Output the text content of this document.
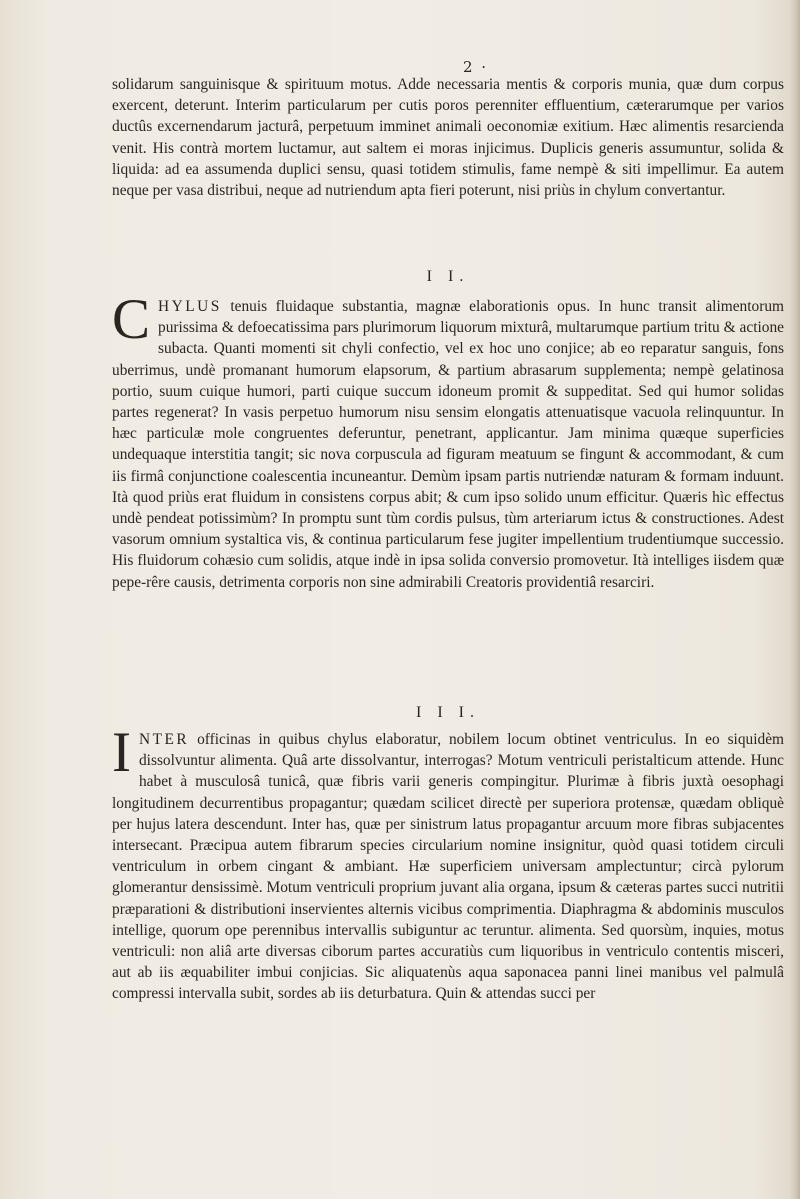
2 ·
solidarum sanguinisque & spirituum motus. Adde necessaria mentis & corporis munia, quæ dum corpus exercent, deterunt. Interim particularum per cutis poros perenniter effluentium, cæterarumque per varios ductûs excernendarum jacturâ, perpetuum imminet animali oeconomiæ exitium. Hæc alimentis resarcienda venit. His contrà mortem luctamur, aut saltem ei moras injicimus. Duplicis generis assumuntur, solida & liquida: ad ea assumenda duplici sensu, quasi totidem stimulis, fame nempè & siti impellimur. Ea autem neque per vasa distribui, neque ad nutriendum apta fieri poterunt, nisi priùs in chylum convertantur.
I I.
CHYLUS tenuis fluidaque substantia, magnæ elaborationis opus. In hunc transit alimentorum purissima & defoecatissima pars plurimorum liquorum mixturâ, multarumque partium tritu & actione subacta. Quanti momenti sit chyli confectio, vel ex hoc uno conjice; ab eo reparatur sanguis, fons uberrimus, undè promanant humorum elapsorum, & partium abrasarum supplementa; nempè gelatinosa portio, suum cuique humori, parti cuique succum idoneum promit & suppeditat. Sed qui humor solidas partes regenerat? In vasis perpetuo humorum nisu sensim elongatis attenuatisque vacuola relinquuntur. In hæc particulæ mole congruentes deferuntur, penetrant, applicantur. Jam minima quæque superficies undequaque interstitia tangit; sic nova corpuscula ad figuram meatuum se fingunt & accommodant, & cum iis firmâ conjunctione coalescentia incuneantur. Demùm ipsam partis nutriendæ naturam & formam induunt. Ità quod priùs erat fluidum in consistens corpus abit; & cum ipso solido unum efficitur. Quæris hìc effectus undè pendeat potissimùm? In promptu sunt tùm cordis pulsus, tùm arteriarum ictus & constructiones. Adest vasorum omnium systaltica vis, & continua particularum fese jugiter impellentium trudentiumque successio. His fluidorum cohæsio cum solidis, atque indè in ipsa solida conversio promovetur. Ità intelliges iisdem quæ pepe-rêre causis, detrimenta corporis non sine admirabili Creatoris providentiâ resarciri.
I I I.
INTER officinas in quibus chylus elaboratur, nobilem locum obtinet ventriculus. In eo siquidèm dissolvuntur alimenta. Quâ arte dissolvantur, interrogas? Motum ventriculi peristalticum attende. Hunc habet à musculosâ tunicâ, quæ fibris varii generis compingitur. Plurimæ à fibris juxtà oesophagi longitudinem decurrentibus propagantur; quædam scilicet directè per superiora protensæ, quædam obliquè per hujus latera descendunt. Inter has, quæ per sinistrum latus propagantur arcuum more fibras subjacentes intersecant. Præcipua autem fibrarum species circularium nomine insignitur, quòd quasi totidem circuli ventriculum in orbem cingant & ambiant. Hæ superficiem universam amplectuntur; circà pylorum glomerantur densissimè. Motum ventriculi proprium juvant alia organa, ipsum & cæteras partes succi nutritii præparationi & distributioni inservientes alternis vicibus comprimentia. Diaphragma & abdominis musculos intellige, quorum ope perennibus intervallis subiguntur ac teruntur. alimenta. Sed quorsùm, inquies, motus ventriculi: non aliâ arte diversas ciborum partes accuratiùs cum liquoribus in ventriculo contentis misceri, aut ab iis æquabiliter imbui conjicias. Sic aliquatenùs aqua saponacea panni linei manibus vel palmulâ compressi intervalla subit, sordes ab iis deturbatura. Quin & attendas succi per
